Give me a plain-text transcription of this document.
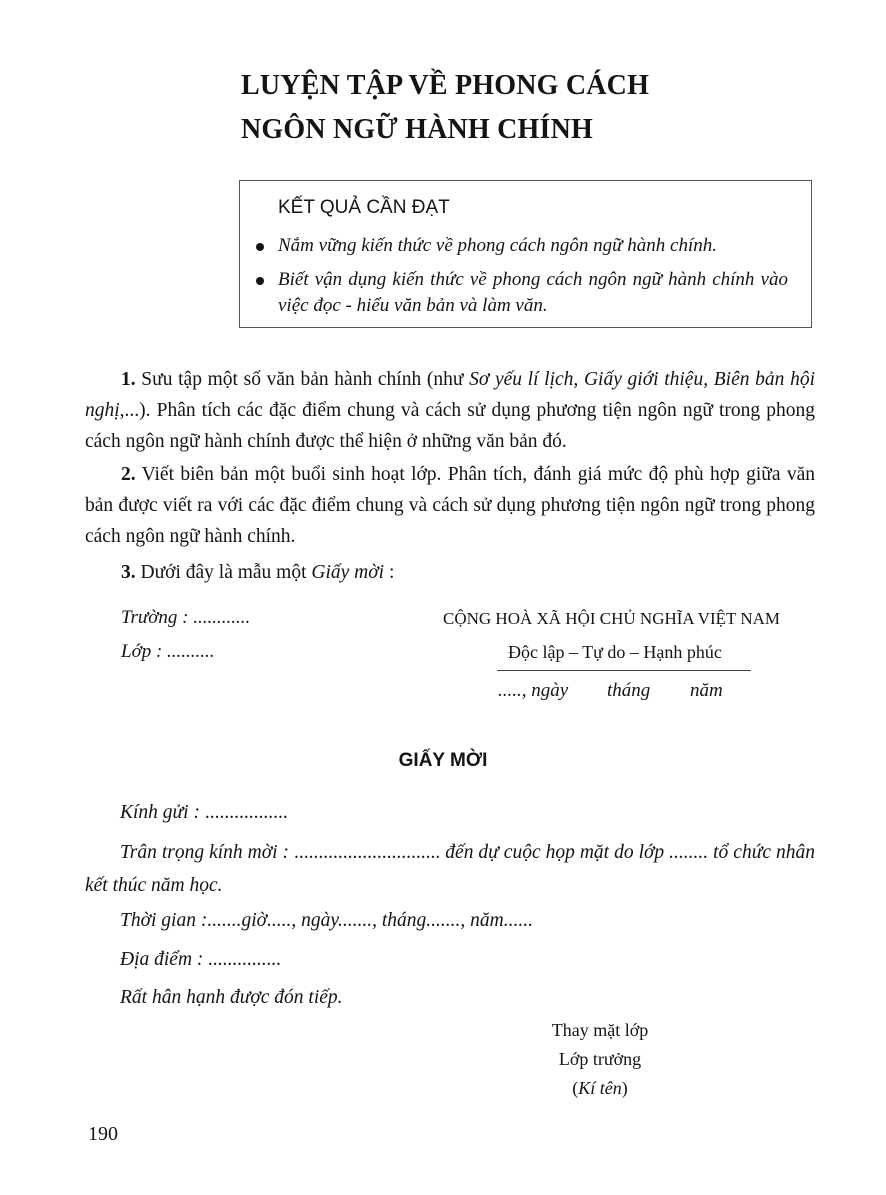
LUYỆN TẬP VỀ PHONG CÁCH
NGÔN NGỮ HÀNH CHÍNH
KẾT QUẢ CẦN ĐẠT
Nắm vững kiến thức về phong cách ngôn ngữ hành chính.
Biết vận dụng kiến thức về phong cách ngôn ngữ hành chính vào việc đọc - hiểu văn bản và làm văn.
1. Sưu tập một số văn bản hành chính (như Sơ yếu lí lịch, Giấy giới thiệu, Biên bản hội nghị,...). Phân tích các đặc điểm chung và cách sử dụng phương tiện ngôn ngữ trong phong cách ngôn ngữ hành chính được thể hiện ở những văn bản đó.
2. Viết biên bản một buổi sinh hoạt lớp. Phân tích, đánh giá mức độ phù hợp giữa văn bản được viết ra với các đặc điểm chung và cách sử dụng phương tiện ngôn ngữ trong phong cách ngôn ngữ hành chính.
3. Dưới đây là mẫu một Giấy mời :
Trường : ............
Lớp : ..........
CỘNG HOÀ XÃ HỘI CHỦ NGHĨA VIỆT NAM
Độc lập – Tự do – Hạnh phúc
....., ngày tháng năm
GIẤY MỜI
Kính gửi : .................
Trân trọng kính mời : .............................. đến dự cuộc họp mặt do lớp ........ tổ chức nhân kết thúc năm học.
Thời gian :.......giờ....., ngày......., tháng......., năm......
Địa điểm : ...............
Rất hân hạnh được đón tiếp.
Thay mặt lớp
Lớp trưởng
(Kí tên)
190
